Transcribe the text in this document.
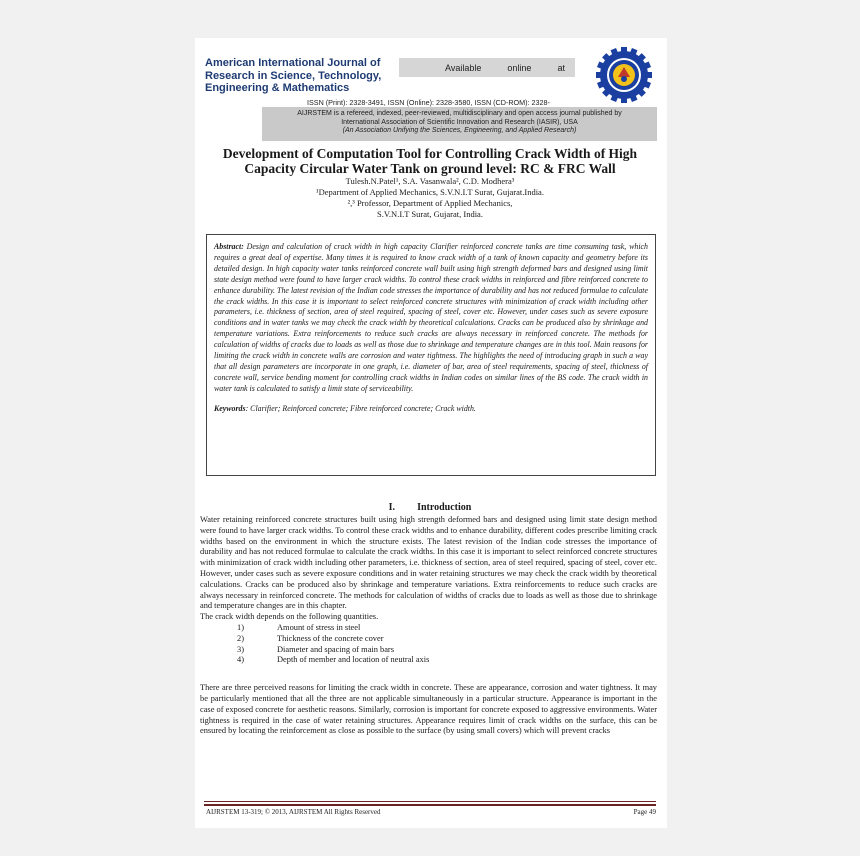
American International Journal of Research in Science, Technology, Engineering & Mathematics
Available	online	at
ISSN (Print): 2328-3491, ISSN (Online): 2328-3580, ISSN (CD-ROM): 2328-
AIJRSTEM is a refereed, indexed, peer-reviewed, multidisciplinary and open access journal published by
International Association of Scientific Innovation and Research (IASIR), USA
(An Association Unifying the Sciences, Engineering, and Applied Research)
Development of Computation Tool for Controlling Crack Width of High Capacity Circular Water Tank on ground level: RC & FRC Wall
Tulesh.N.Patel¹, S.A. Vasanwala², C.D. Modhera³
¹Department of Applied Mechanics, S.V.N.I.T Surat, Gujarat.India.
²,³ Professor, Department of Applied Mechanics,
S.V.N.I.T Surat, Gujarat, India.
Abstract: Design and calculation of crack width in high capacity Clarifier reinforced concrete tanks are time consuming task, which requires a great deal of expertise. Many times it is required to know crack width of a tank of known capacity and geometry before its detailed design. In high capacity water tanks reinforced concrete wall built using high strength deformed bars and designed using limit state design method were found to have larger crack widths. To control these crack widths in reinforced and fibre reinforced concrete to enhance durability. The latest revision of the Indian code stresses the importance of durability and has not reduced formulae to calculate the crack widths. In this case it is important to select reinforced concrete structures with minimization of crack width including other parameters, i.e. thickness of section, area of steel required, spacing of steel, cover etc. However, under cases such as severe exposure conditions and in water tanks we may check the crack width by theoretical calculations. Cracks can be produced also by shrinkage and temperature variations. Extra reinforcements to reduce such cracks are always necessary in reinforced concrete. The methods for calculation of widths of cracks due to loads as well as those due to shrinkage and temperature changes are in this tool. Main reasons for limiting the crack width in concrete walls are corrosion and water tightness. The highlights the need of introducing graph in such a way that all design parameters are incorporate in one graph, i.e. diameter of bar, area of steel requirements, spacing of steel, thickness of concrete wall, service bending moment for controlling crack widths in Indian codes on similar lines of the BS code. The crack width in water tank is calculated to satisfy a limit state of serviceability.
Keywords: Clarifier; Reinforced concrete; Fibre reinforced concrete; Crack width.
I. Introduction

Water retaining reinforced concrete structures built using high strength deformed bars and designed using limit state design method were found to have larger crack widths. To control these crack widths and to enhance durability, different codes prescribe limiting crack widths based on the environment in which the structure exists. The latest revision of the Indian code stresses the importance of durability and has not reduced formulae to calculate the crack widths. In this case it is important to select reinforced concrete structures with minimization of crack width including other parameters, i.e. thickness of section, area of steel required, spacing of steel, cover etc. However, under cases such as severe exposure conditions and in water retaining structures we may check the crack width by theoretical calculations. Cracks can be produced also by shrinkage and temperature variations. Extra reinforcements to reduce such cracks are always necessary in reinforced concrete. The methods for calculation of widths of cracks due to loads as well as those due to shrinkage and temperature changes are in this chapter.

The crack width depends on the following quantities.

1)	Amount of stress in steel
2)	Thickness of the concrete cover
3)	Diameter and spacing of main bars
4)	Depth of member and location of neutral axis

There are three perceived reasons for limiting the crack width in concrete. These are appearance, corrosion and water tightness. It may be particularly mentioned that all the three are not applicable simultaneously in a particular structure. Appearance is important in the case of exposed concrete for aesthetic reasons. Similarly, corrosion is important for concrete exposed to aggressive environments. Water tightness is required in the case of water retaining structures. Appearance requires limit of crack widths on the surface, this can be ensured by locating the reinforcement as close as possible to the surface (by using small covers) which will prevent cracks

AIJRSTEM 13-319; © 2013, AIJRSTEM All Rights Reserved	Page 49
